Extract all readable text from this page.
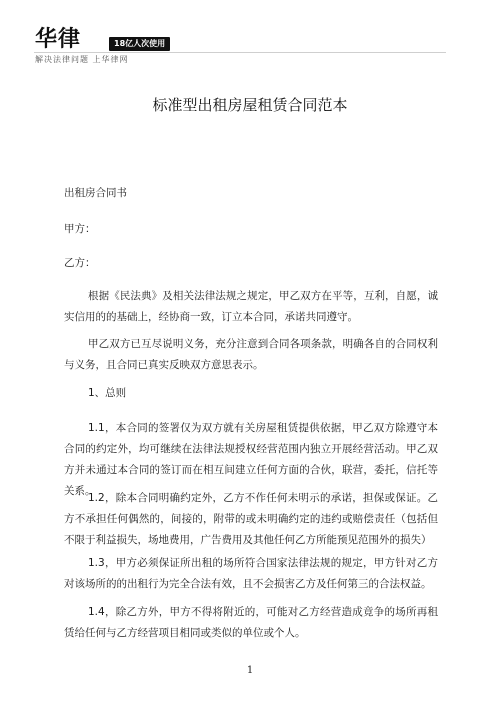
华律	18亿人次使用
解决法律问题 上华律网
标准型出租房屋租赁合同范本

出租房合同书

甲方：

乙方：

根据《民法典》及相关法律法规之规定，甲乙双方在平等，互利，自愿，诚实信用的的基础上，经协商一致，订立本合同，承诺共同遵守。

甲乙双方已互尽说明义务，充分注意到合同各项条款，明确各自的合同权利与义务，且合同已真实反映双方意思表示。

1、总则

1.1，本合同的签署仅为双方就有关房屋租赁提供依据，甲乙双方除遵守本合同的约定外，均可继续在法律法规授权经营范围内独立开展经营活动。甲乙双方并未通过本合同的签订而在相互间建立任何方面的合伙，联营，委托，信托等关系。

1.2，除本合同明确约定外，乙方不作任何未明示的承诺，担保或保证。乙方不承担任何偶然的，间接的，附带的或未明确约定的违约或赔偿责任（包括但不限于利益损失，场地费用，广告费用及其他任何乙方所能预见范围外的损失）

1.3，甲方必须保证所出租的场所符合国家法律法规的规定，甲方针对乙方对该场所的的出租行为完全合法有效，且不会损害乙方及任何第三的合法权益。

1.4，除乙方外，甲方不得将附近的，可能对乙方经营造成竟争的场所再租赁给任何与乙方经营项目相同或类似的单位或个人。

1
